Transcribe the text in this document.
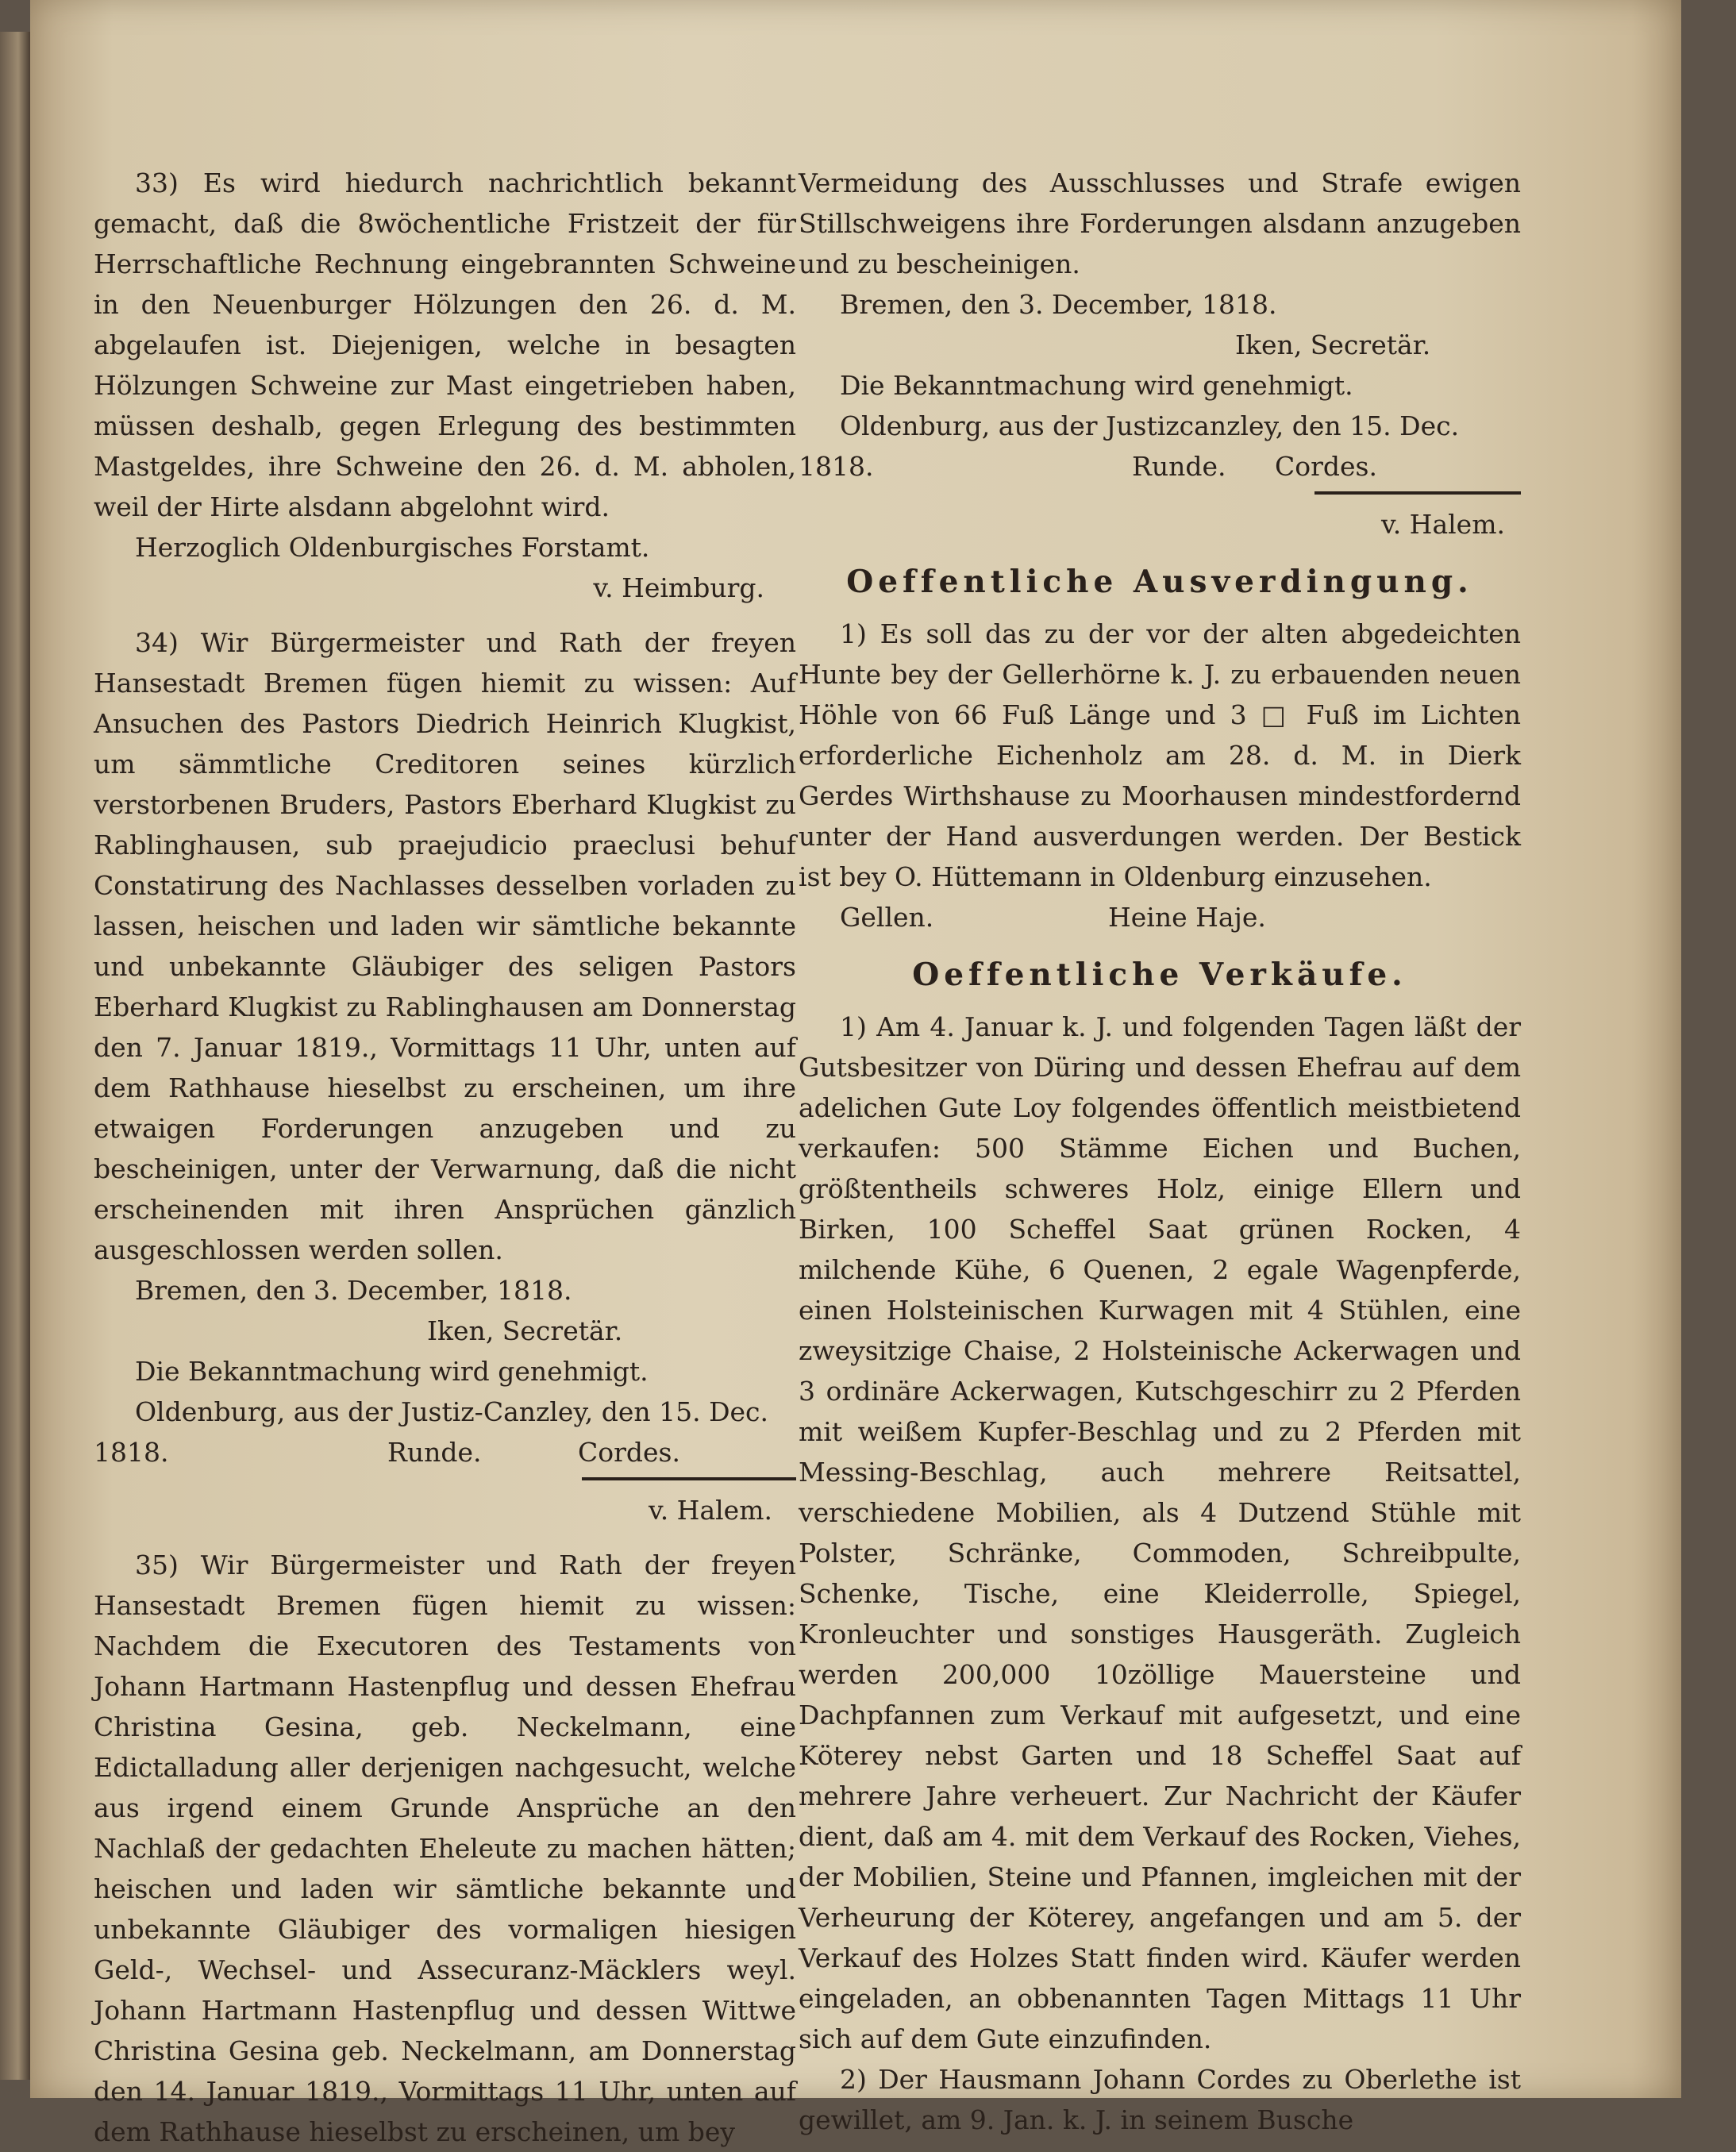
33) Es wird hiedurch nachrichtlich bekannt gemacht, daß die 8wöchentliche Fristzeit der für Herrschaftliche Rechnung eingebrannten Schweine in den Neuenburger Hölzungen den 26. d. M. abgelaufen ist. Diejenigen, welche in besagten Hölzungen Schweine zur Mast eingetrieben haben, müssen deshalb, gegen Erlegung des bestimmten Mastgeldes, ihre Schweine den 26. d. M. abholen, weil der Hirte alsdann abgelohnt wird.

Herzoglich Oldenburgisches Forstamt.

v. Heimburg.

34) Wir Bürgermeister und Rath der freyen Hansestadt Bremen fügen hiemit zu wissen: Auf Ansuchen des Pastors Diedrich Heinrich Klugkist, um sämmtliche Creditoren seines kürzlich verstorbenen Bruders, Pastors Eberhard Klugkist zu Rablinghausen, sub praejudicio praeclusi behuf Constatirung des Nachlasses desselben vorladen zu lassen, heischen und laden wir sämtliche bekannte und unbekannte Gläubiger des seligen Pastors Eberhard Klugkist zu Rablinghausen am Donnerstag den 7. Januar 1819., Vormittags 11 Uhr, unten auf dem Rathhause hieselbst zu erscheinen, um ihre etwaigen Forderungen anzugeben und zu bescheinigen, unter der Verwarnung, daß die nicht erscheinenden mit ihren Ansprüchen gänzlich ausgeschlossen werden sollen.

Bremen, den 3. December, 1818.

Iken, Secretär.

Die Bekanntmachung wird genehmigt.

Oldenburg, aus der Justiz-Canzley, den 15. Dec.

1818.	Runde.	Cordes.

v. Halem.

35) Wir Bürgermeister und Rath der freyen Hansestadt Bremen fügen hiemit zu wissen: Nachdem die Executoren des Testaments von Johann Hartmann Hastenpflug und dessen Ehefrau Christina Gesina, geb. Neckelmann, eine Edictalladung aller derjenigen nachgesucht, welche aus irgend einem Grunde Ansprüche an den Nachlaß der gedachten Eheleute zu machen hätten; heischen und laden wir sämtliche bekannte und unbekannte Gläubiger des vormaligen hiesigen Geld-, Wechsel- und Assecuranz-Mäcklers weyl. Johann Hartmann Hastenpflug und dessen Wittwe Christina Gesina geb. Neckelmann, am Donnerstag den 14. Januar 1819., Vormittags 11 Uhr, unten auf dem Rathhause hieselbst zu erscheinen, um bey

Vermeidung des Ausschlusses und Strafe ewigen Stillschweigens ihre Forderungen alsdann anzugeben und zu bescheinigen.

Bremen, den 3. December, 1818.

Iken, Secretär.

Die Bekanntmachung wird genehmigt.

Oldenburg, aus der Justizcanzley, den 15. Dec.

1818.	Runde.	Cordes.

v. Halem.

Oeffentliche Ausverdingung.

1) Es soll das zu der vor der alten abgedeichten Hunte bey der Gellerhörne k. J. zu erbauenden neuen Höhle von 66 Fuß Länge und 3 □ Fuß im Lichten erforderliche Eichenholz am 28. d. M. in Dierk Gerdes Wirthshause zu Moorhausen mindestfordernd unter der Hand ausverdungen werden. Der Bestick ist bey O. Hüttemann in Oldenburg einzusehen.

Gellen.	Heine Haje.
Oeffentliche Verkäufe.

1) Am 4. Januar k. J. und folgenden Tagen läßt der Gutsbesitzer von Düring und dessen Ehefrau auf dem adelichen Gute Loy folgendes öffentlich meistbietend verkaufen: 500 Stämme Eichen und Buchen, größtentheils schweres Holz, einige Ellern und Birken, 100 Scheffel Saat grünen Rocken, 4 milchende Kühe, 6 Quenen, 2 egale Wagenpferde, einen Holsteinischen Kurwagen mit 4 Stühlen, eine zweysitzige Chaise, 2 Holsteinische Ackerwagen und 3 ordinäre Ackerwagen, Kutschgeschirr zu 2 Pferden mit weißem Kupfer-Beschlag und zu 2 Pferden mit Messing-Beschlag, auch mehrere Reitsattel, verschiedene Mobilien, als 4 Dutzend Stühle mit Polster, Schränke, Commoden, Schreibpulte, Schenke, Tische, eine Kleiderrolle, Spiegel, Kronleuchter und sonstiges Hausgeräth. Zugleich werden 200,000 10zöllige Mauersteine und Dachpfannen zum Verkauf mit aufgesetzt, und eine Köterey nebst Garten und 18 Scheffel Saat auf mehrere Jahre verheuert. Zur Nachricht der Käufer dient, daß am 4. mit dem Verkauf des Rocken, Viehes, der Mobilien, Steine und Pfannen, imgleichen mit der Verheurung der Köterey, angefangen und am 5. der Verkauf des Holzes Statt finden wird. Käufer werden eingeladen, an obbenannten Tagen Mittags 11 Uhr sich auf dem Gute einzufinden.

2) Der Hausmann Johann Cordes zu Oberlethe ist gewillet, am 9. Jan. k. J. in seinem Busche
